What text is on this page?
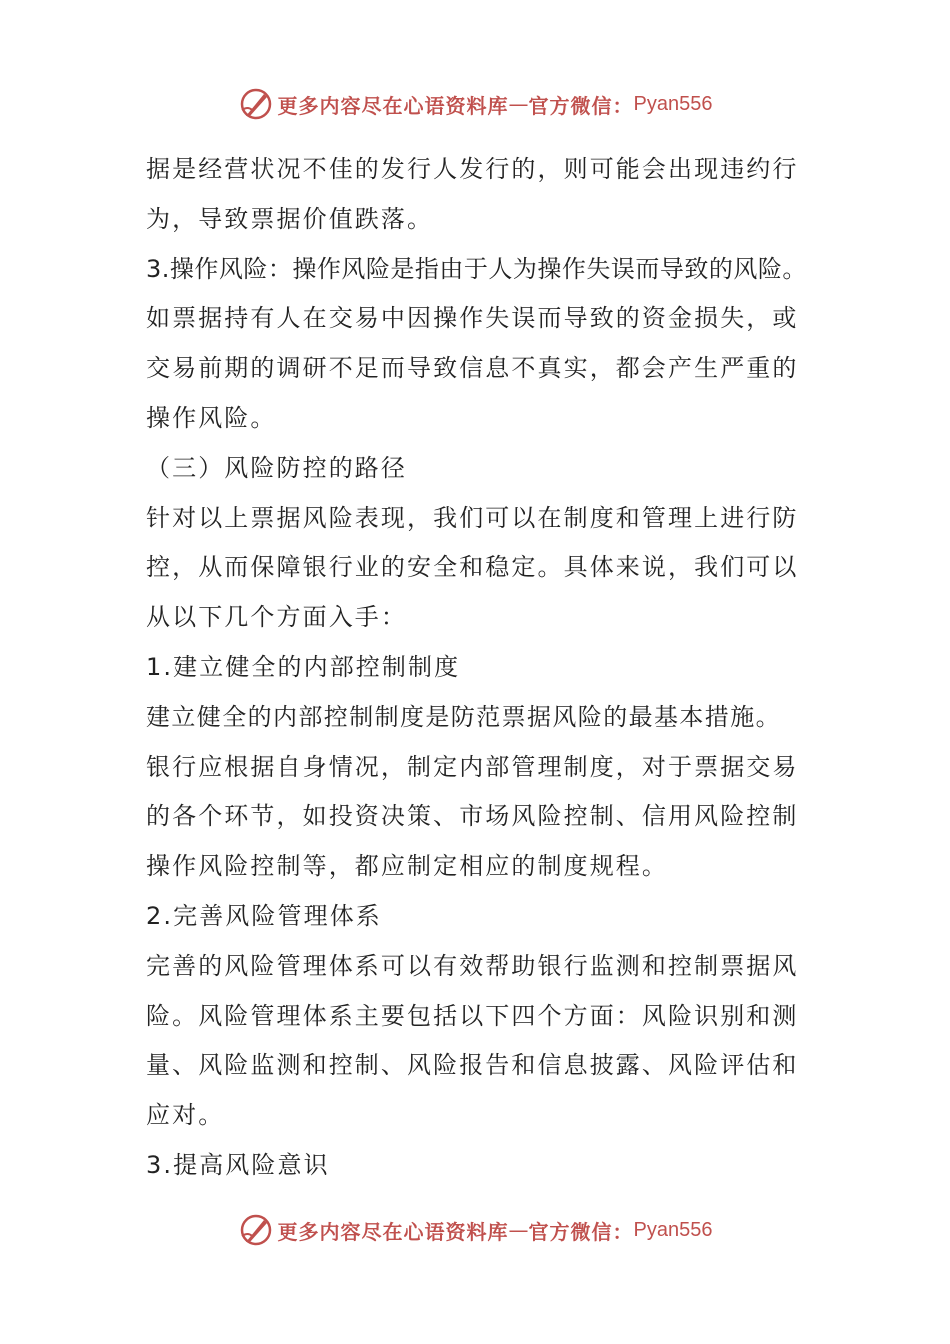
更多内容尽在心语资料库 — 官方微信： Pyan556

据是经营状况不佳的发行人发行的，则可能会出现违约行

为，导致票据价值跌落。

3.操作风险：操作风险是指由于人为操作失误而导致的风险。

如票据持有人在交易中因操作失误而导致的资金损失，或

交易前期的调研不足而导致信息不真实，都会产生严重的

操作风险。

（三）风险防控的路径

针对以上票据风险表现，我们可以在制度和管理上进行防

控，从而保障银行业的安全和稳定。具体来说，我们可以

从以下几个方面入手：

1.建立健全的内部控制制度

建立健全的内部控制制度是防范票据风险的最基本措施。

银行应根据自身情况，制定内部管理制度，对于票据交易

的各个环节，如投资决策、市场风险控制、信用风险控制

操作风险控制等，都应制定相应的制度规程。

2.完善风险管理体系

完善的风险管理体系可以有效帮助银行监测和控制票据风

险。风险管理体系主要包括以下四个方面：风险识别和测

量、风险监测和控制、风险报告和信息披露、风险评估和

应对。

3.提高风险意识

更多内容尽在心语资料库 — 官方微信： Pyan556
